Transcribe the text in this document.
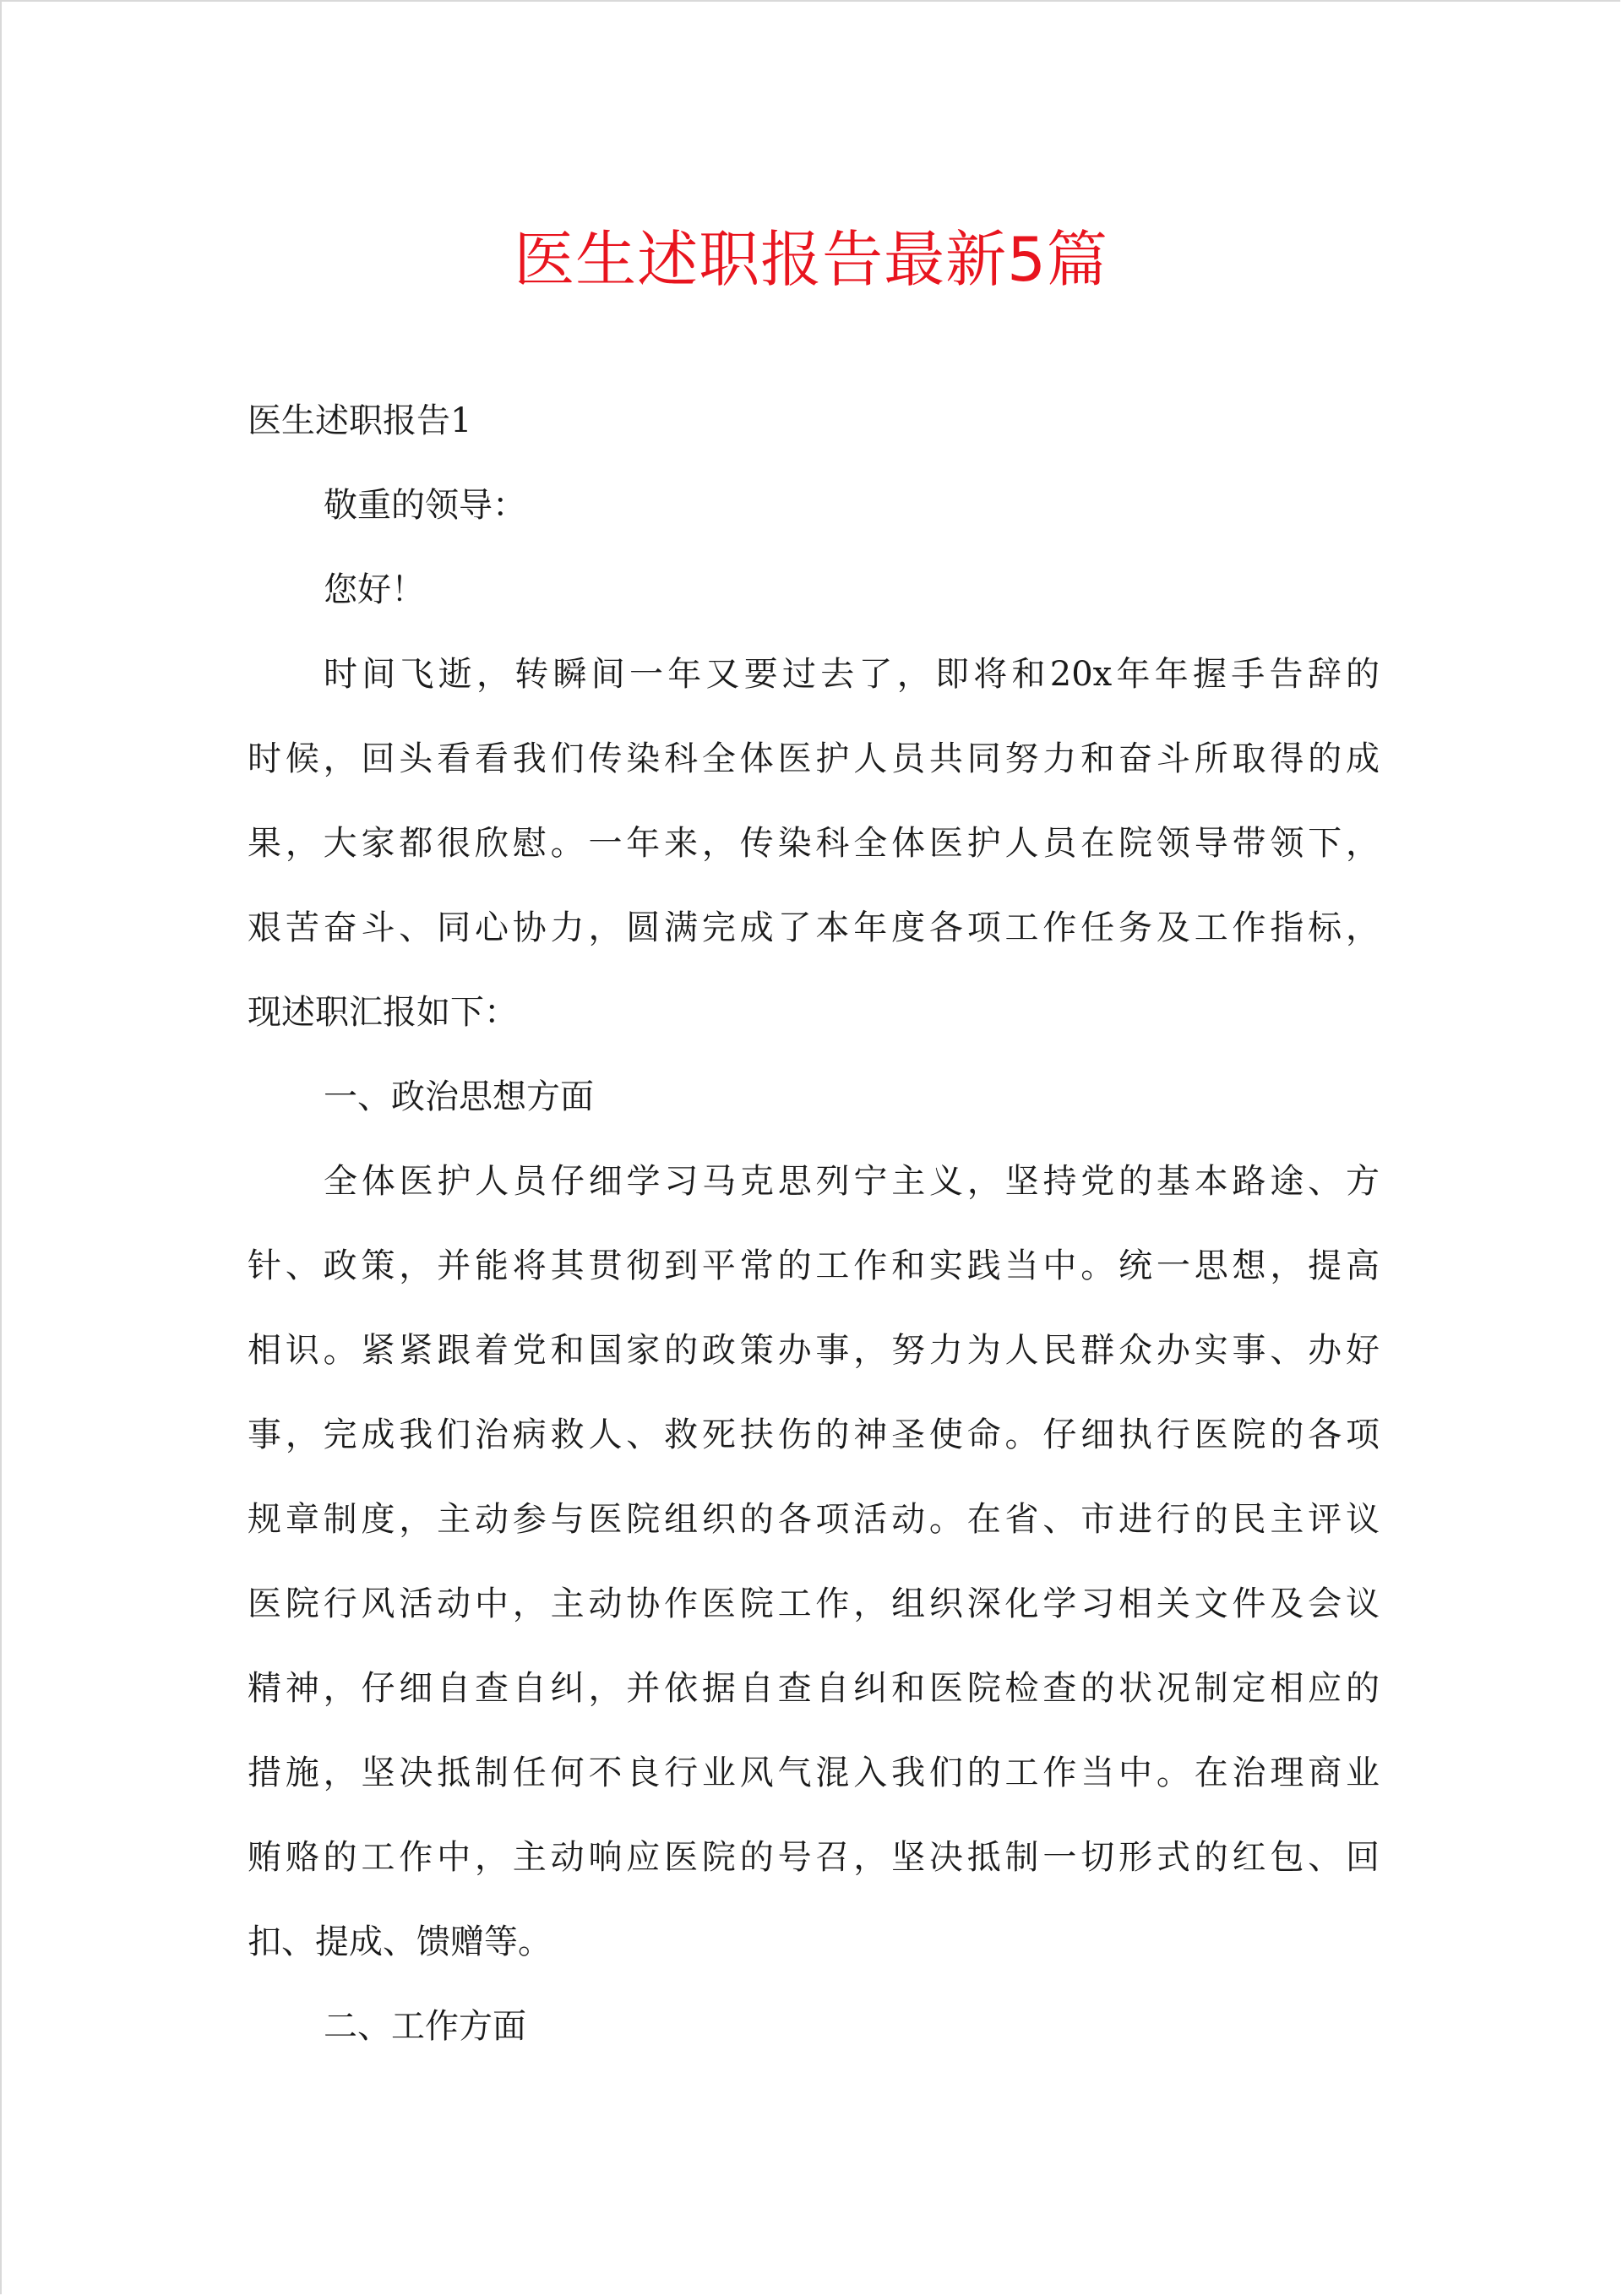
医生述职报告最新5篇

医生述职报告1

敬重的领导：

您好！

时间飞逝，转瞬间一年又要过去了，即将和20x年年握手告辞的

时候，回头看看我们传染科全体医护人员共同努力和奋斗所取得的成

果，大家都很欣慰。一年来，传染科全体医护人员在院领导带领下，

艰苦奋斗、同心协力，圆满完成了本年度各项工作任务及工作指标，

现述职汇报如下：

一、政治思想方面

全体医护人员仔细学习马克思列宁主义，坚持党的基本路途、方

针、政策，并能将其贯彻到平常的工作和实践当中。统一思想，提高

相识。紧紧跟着党和国家的政策办事，努力为人民群众办实事、办好

事，完成我们治病救人、救死扶伤的神圣使命。仔细执行医院的各项

规章制度，主动参与医院组织的各项活动。在省、市进行的民主评议

医院行风活动中，主动协作医院工作，组织深化学习相关文件及会议

精神，仔细自查自纠，并依据自查自纠和医院检查的状况制定相应的

措施，坚决抵制任何不良行业风气混入我们的工作当中。在治理商业

贿赂的工作中，主动响应医院的号召，坚决抵制一切形式的红包、回

扣、提成、馈赠等。

二、工作方面
